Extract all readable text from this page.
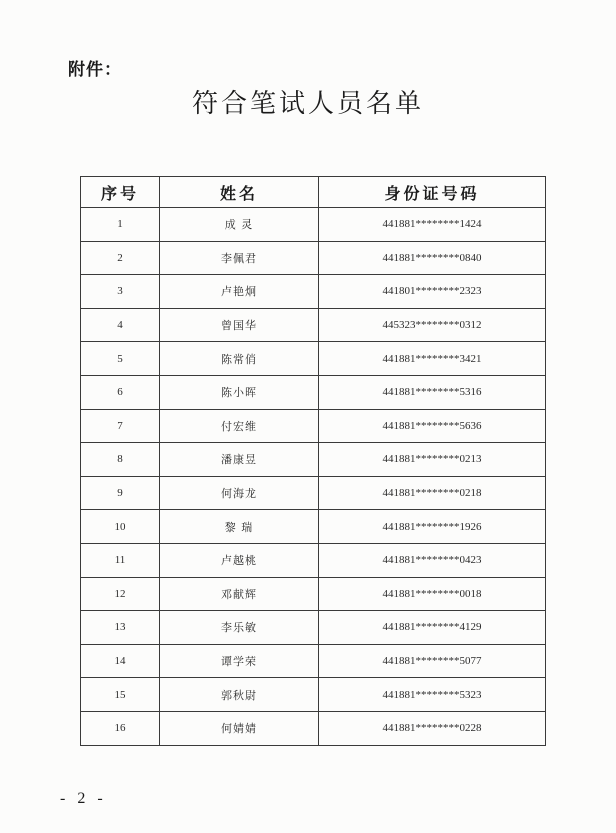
附件：
符合笔试人员名单
序号	姓名	身份证号码
1	成 灵	441881********1424
2	李佩君	441881********0840
3	卢艳炯	441801********2323
4	曾国华	445323********0312
5	陈常俏	441881********3421
6	陈小晖	441881********5316
7	付宏维	441881********5636
8	潘康昱	441881********0213
9	何海龙	441881********0218
10	黎 瑞	441881********1926
11	卢越桃	441881********0423
12	邓献辉	441881********0018
13	李乐敏	441881********4129
14	谭学荣	441881********5077
15	郭秋尉	441881********5323
16	何婧婧	441881********0228
- 2 -
